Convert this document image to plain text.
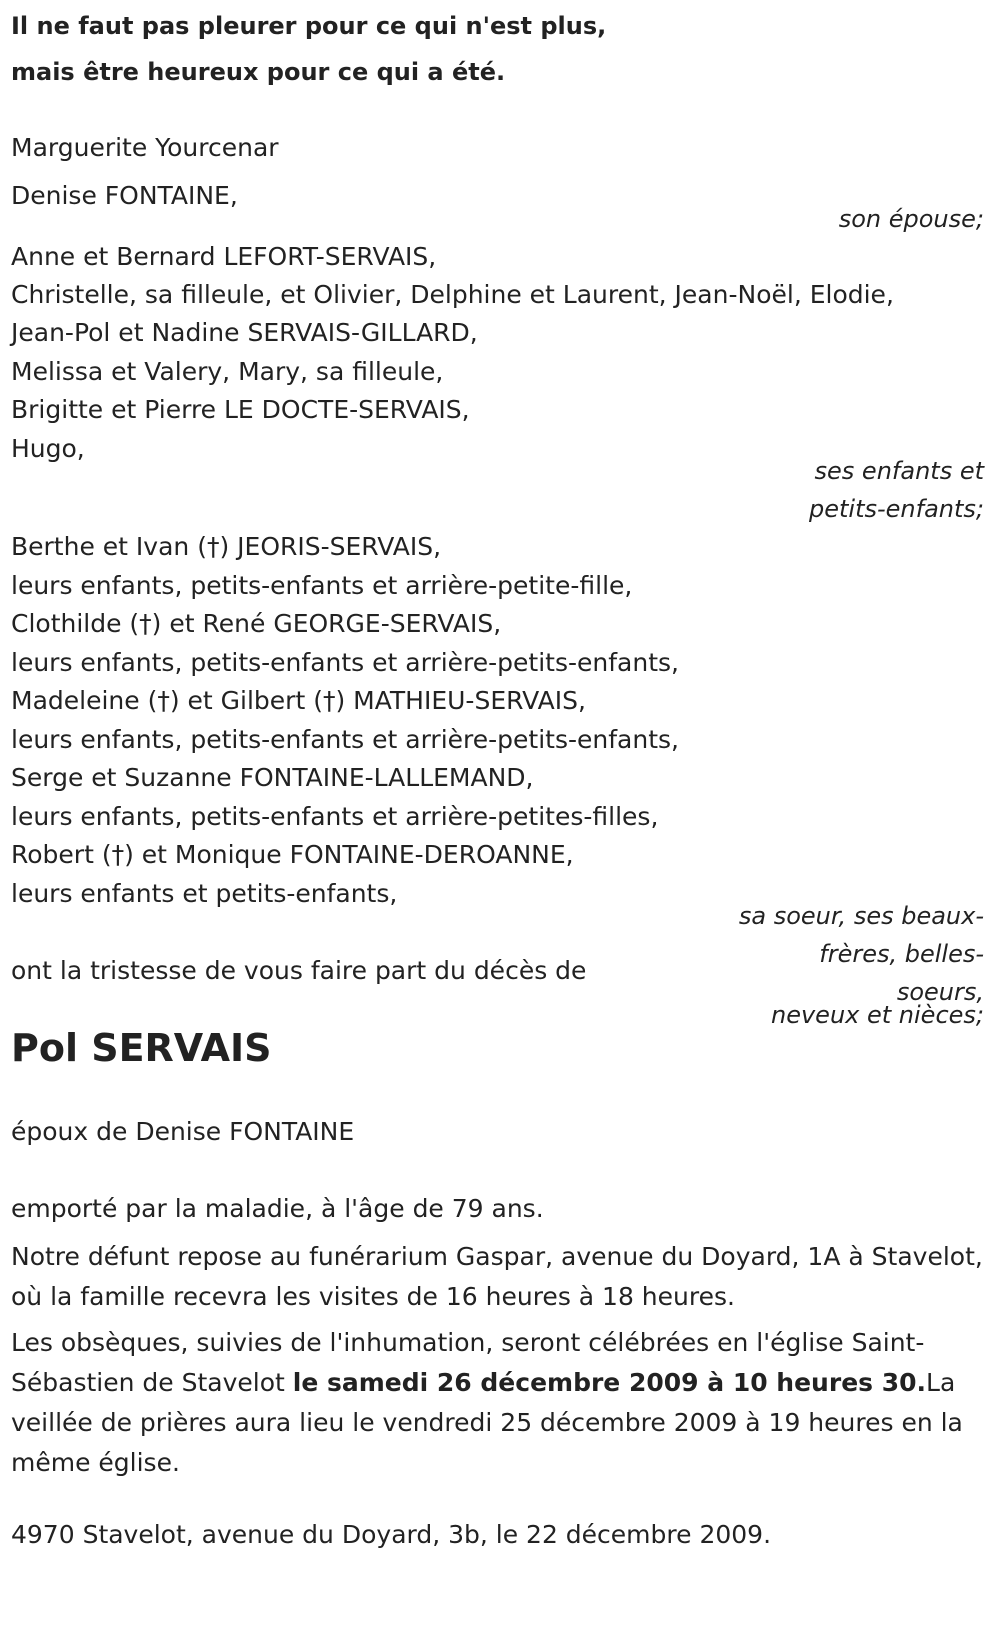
Il ne faut pas pleurer pour ce qui n'est plus,
mais être heureux pour ce qui a été.
Marguerite Yourcenar
Denise FONTAINE,
son épouse;
Anne et Bernard LEFORT-SERVAIS,
Christelle, sa filleule, et Olivier, Delphine et Laurent, Jean-Noël, Elodie,
Jean-Pol et Nadine SERVAIS-GILLARD,
Melissa et Valery, Mary, sa filleule,
Brigitte et Pierre LE DOCTE-SERVAIS,
Hugo,
ses enfants et
petits-enfants;
Berthe et Ivan (†) JEORIS-SERVAIS,
leurs enfants, petits-enfants et arrière-petite-fille,
Clothilde (†) et René GEORGE-SERVAIS,
leurs enfants, petits-enfants et arrière-petits-enfants,
Madeleine (†) et Gilbert (†) MATHIEU-SERVAIS,
leurs enfants, petits-enfants et arrière-petits-enfants,
Serge et Suzanne FONTAINE-LALLEMAND,
leurs enfants, petits-enfants et arrière-petites-filles,
Robert (†) et Monique FONTAINE-DEROANNE,
leurs enfants et petits-enfants,
sa soeur, ses beaux-
frères, belles-
soeurs,
neveux et nièces;
ont la tristesse de vous faire part du décès de
Pol SERVAIS
époux de Denise FONTAINE
emporté par la maladie, à l'âge de 79 ans.
Notre défunt repose au funérarium Gaspar, avenue du Doyard, 1A à Stavelot, où la famille recevra les visites de 16 heures à 18 heures.
Les obsèques, suivies de l'inhumation, seront célébrées en l'église Saint-Sébastien de Stavelot le samedi 26 décembre 2009 à 10 heures 30.La veillée de prières aura lieu le vendredi 25 décembre 2009 à 19 heures en la même église.
4970 Stavelot, avenue du Doyard, 3b, le 22 décembre 2009.
